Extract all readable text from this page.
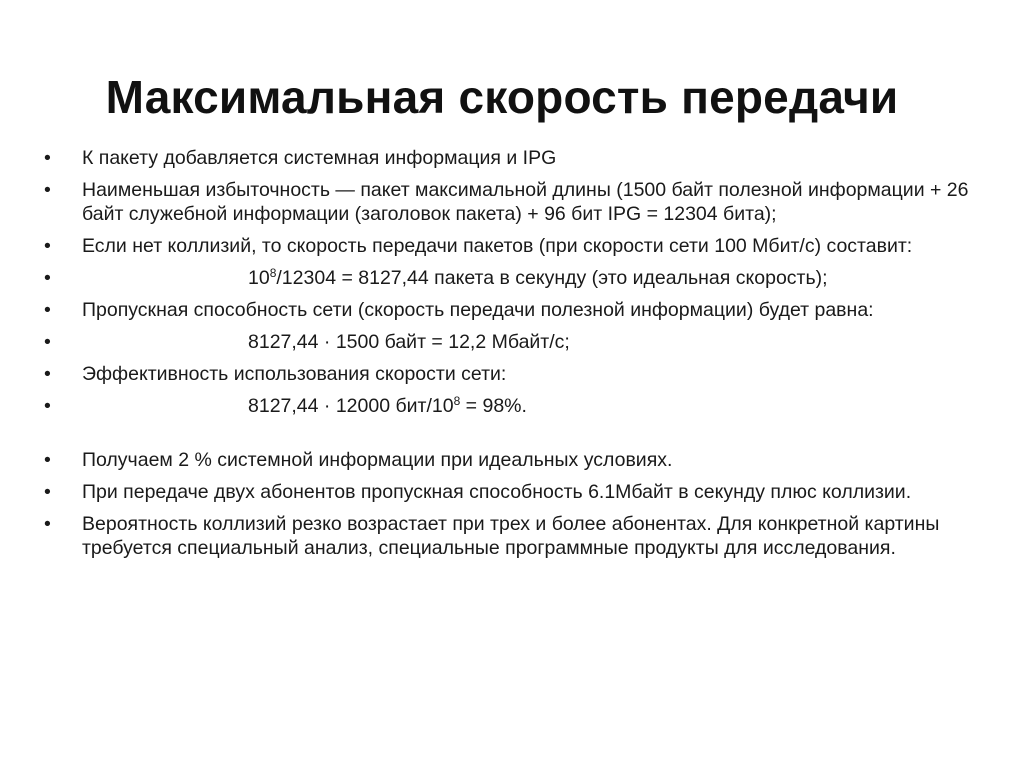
Максимальная скорость передачи
•	К пакету добавляется системная информация и IPG
•	Наименьшая избыточность — пакет максимальной длины (1500 байт полезной информации + 26 байт служебной информации (заголовок пакета) + 96 бит IPG = 12304 бита);
•	Если нет коллизий, то скорость передачи пакетов (при скорости сети 100 Мбит/с) составит:
•	$10^8/12304 = 8127,44$ пакета в секунду (это идеальная скорость);
•	Пропускная способность сети (скорость передачи полезной информации) будет равна:
•	8127,44 · 1500 байт = 12,2 Мбайт/с;
•	Эффективность использования скорости сети:
•	8127,44 · 12000 бит/$10^8 = 98\%$.
•	Получаем 2 % системной информации при идеальных условиях.
•	При передаче двух абонентов пропускная способность 6.1Мбайт в секунду плюс коллизии.
•	Вероятность коллизий резко возрастает при трех и более абонентах. Для конкретной картины требуется специальный анализ, специальные программные продукты для исследования.
